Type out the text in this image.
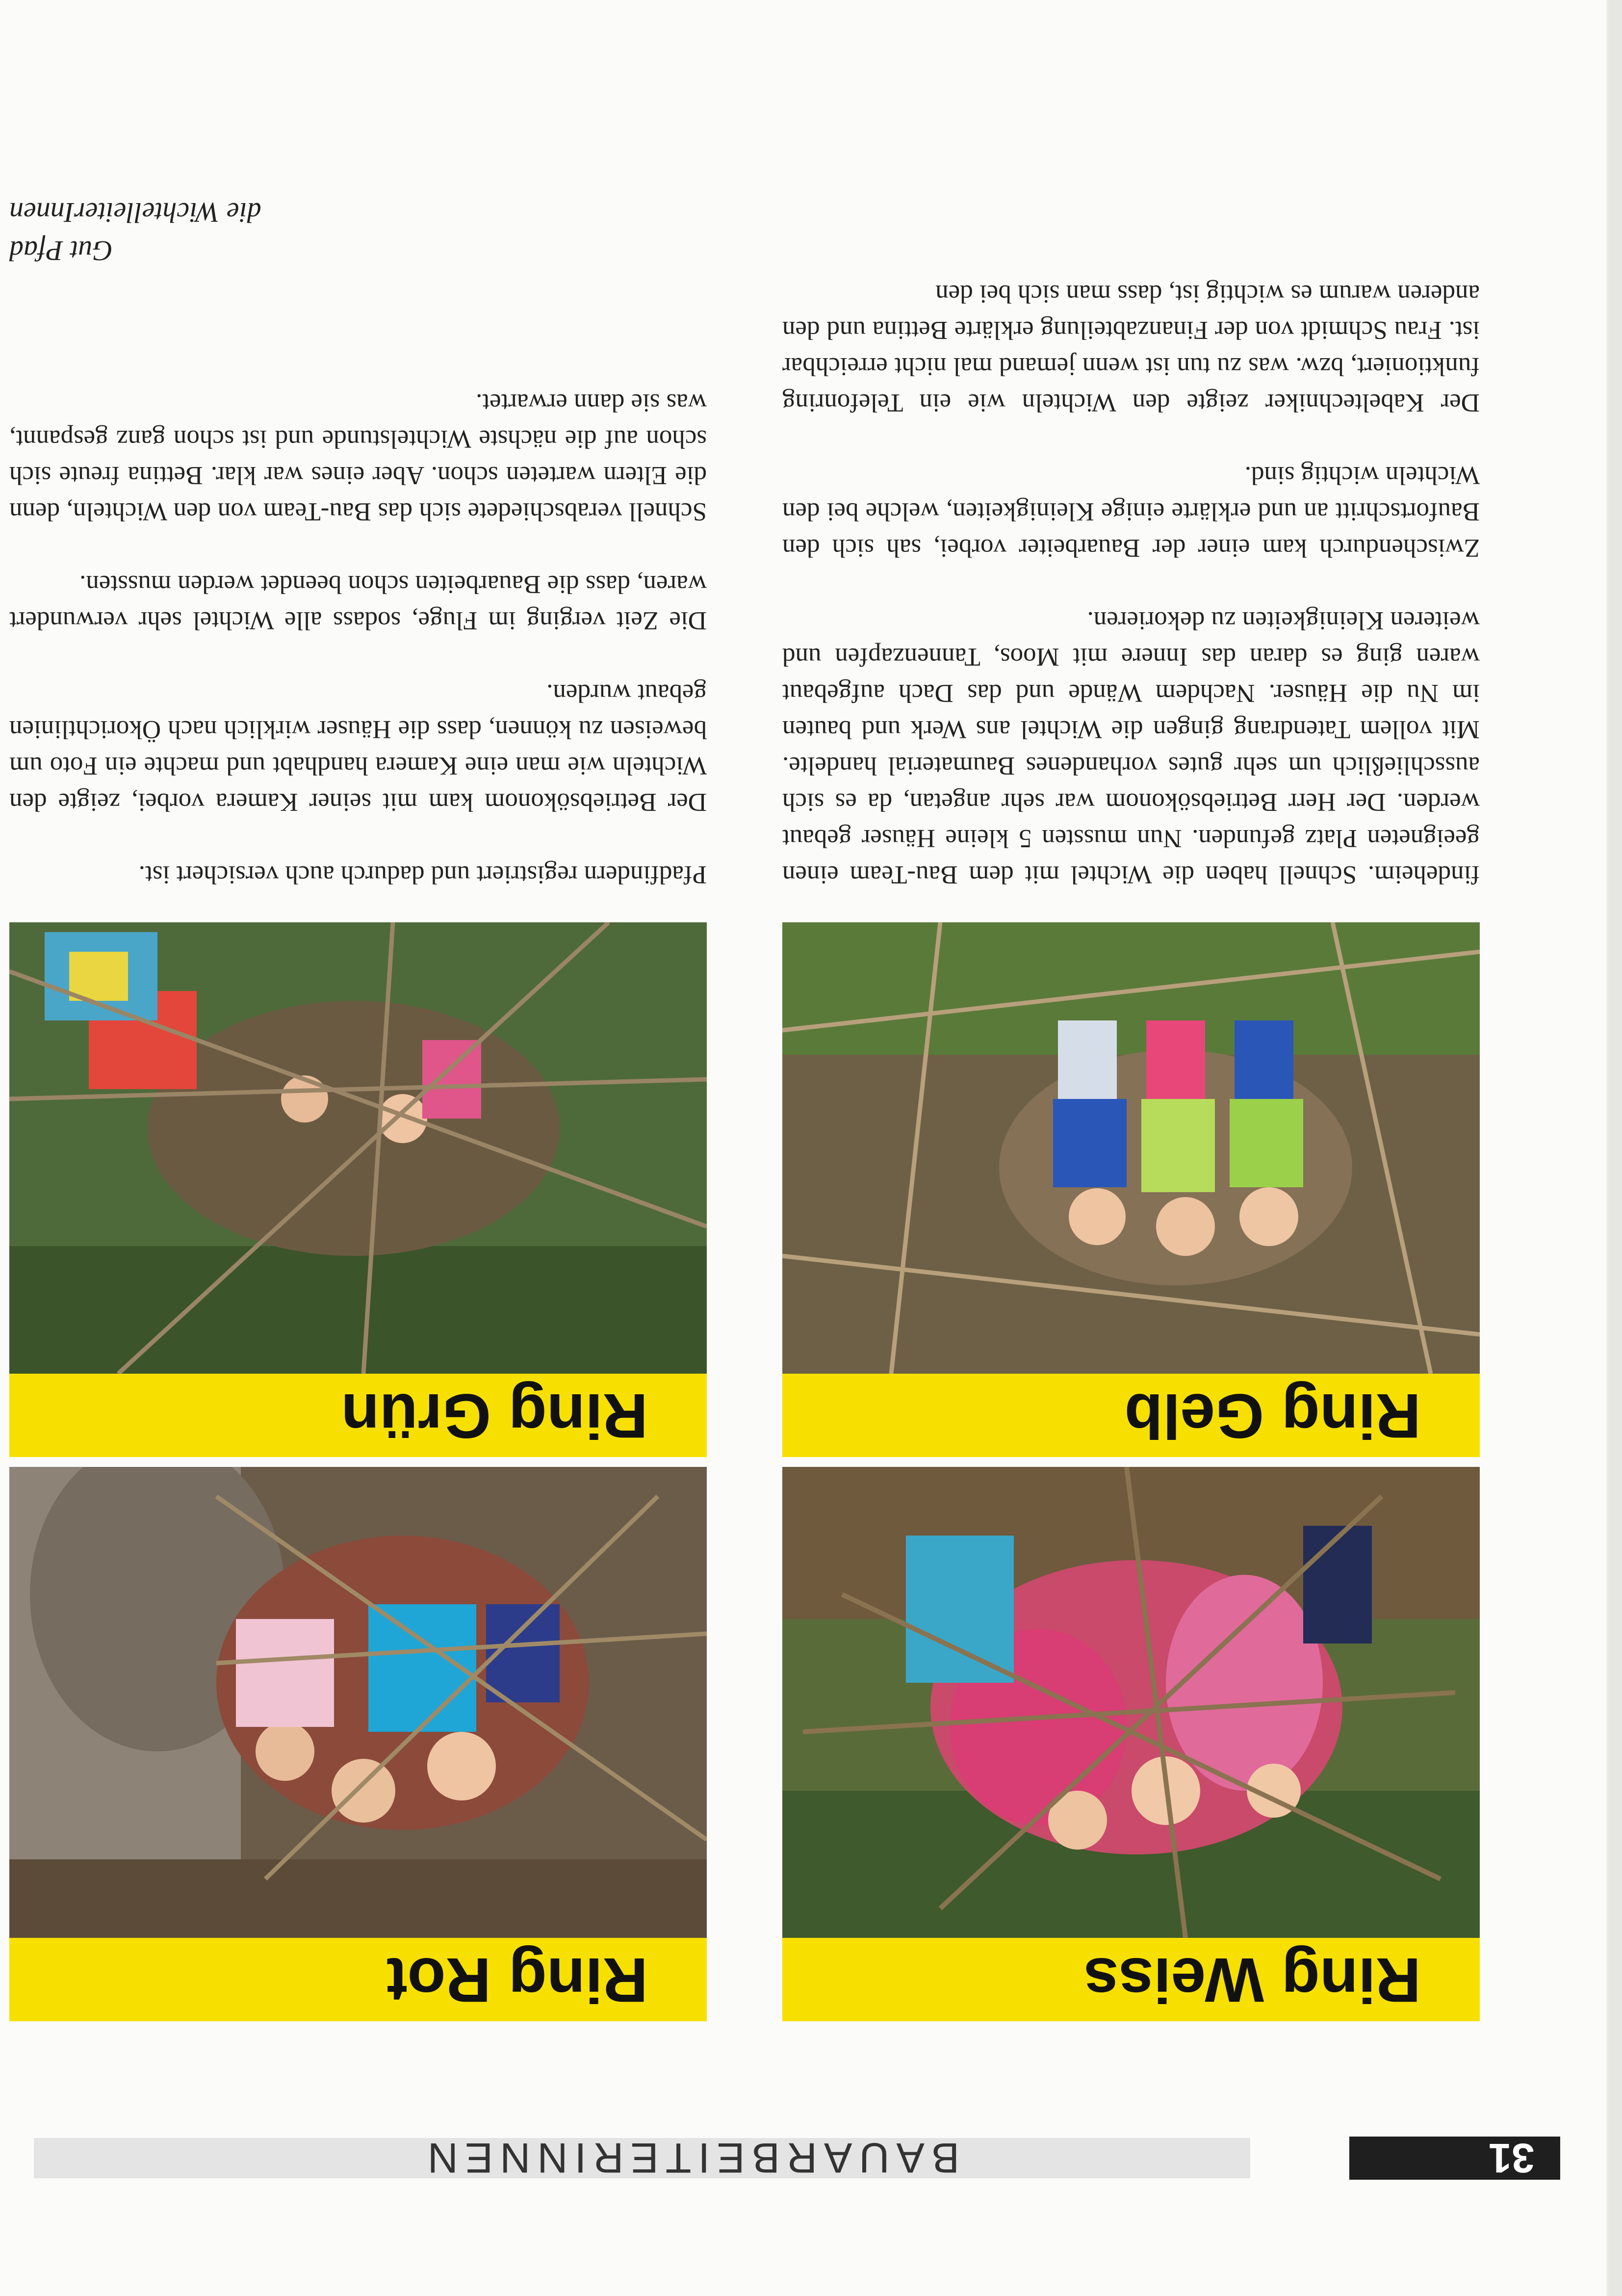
BAUARBEITERINNEN	31
Ring Weiss
Ring Rot
Ring Gelb
Ring Grün

findeheim. Schnell haben die Wichtel mit dem Bau-Team einen geeigneten Platz gefunden. Nun mussten 5 kleine Häuser gebaut werden. Der Herr Betriebsökonom war sehr angetan, da es sich ausschließlich um sehr gutes vorhandenes Baumaterial handelte. Mit vollem Tatendrang gingen die Wichtel ans Werk und bauten im Nu die Häuser. Nachdem Wände und das Dach aufgebaut waren ging es daran das Innere mit Moos, Tannenzapfen und weiteren Kleinigkeiten zu dekorieren.

Zwischendurch kam einer der Bauarbeiter vorbei, sah sich den Baufortschritt an und erklärte einige Kleinigkeiten, welche bei den Wichteln wichtig sind.

Der Kabeltechniker zeigte den Wichteln wie ein Telefonring funktioniert, bzw. was zu tun ist wenn jemand mal nicht erreichbar ist. Frau Schmidt von der Finanzabteilung erklärte Bettina und den anderen warum es wichtig ist, dass man sich bei den

Pfadfindern registriert und dadurch auch versichert ist.

Der Betriebsökonom kam mit seiner Kamera vorbei, zeigte den Wichteln wie man eine Kamera handhabt und machte ein Foto um beweisen zu können, dass die Häuser wirklich nach Ökorichtlinien gebaut wurden.

Die Zeit verging im Fluge, sodass alle Wichtel sehr verwundert waren, dass die Bauarbeiten schon beendet werden mussten.

Schnell verabschiedete sich das Bau-Team von den Wichteln, denn die Eltern warteten schon. Aber eines war klar. Bettina freute sich schon auf die nächste Wichtelstunde und ist schon ganz gespannt, was sie dann erwartet.

Gut Pfad
die WichtelleiterInnen
